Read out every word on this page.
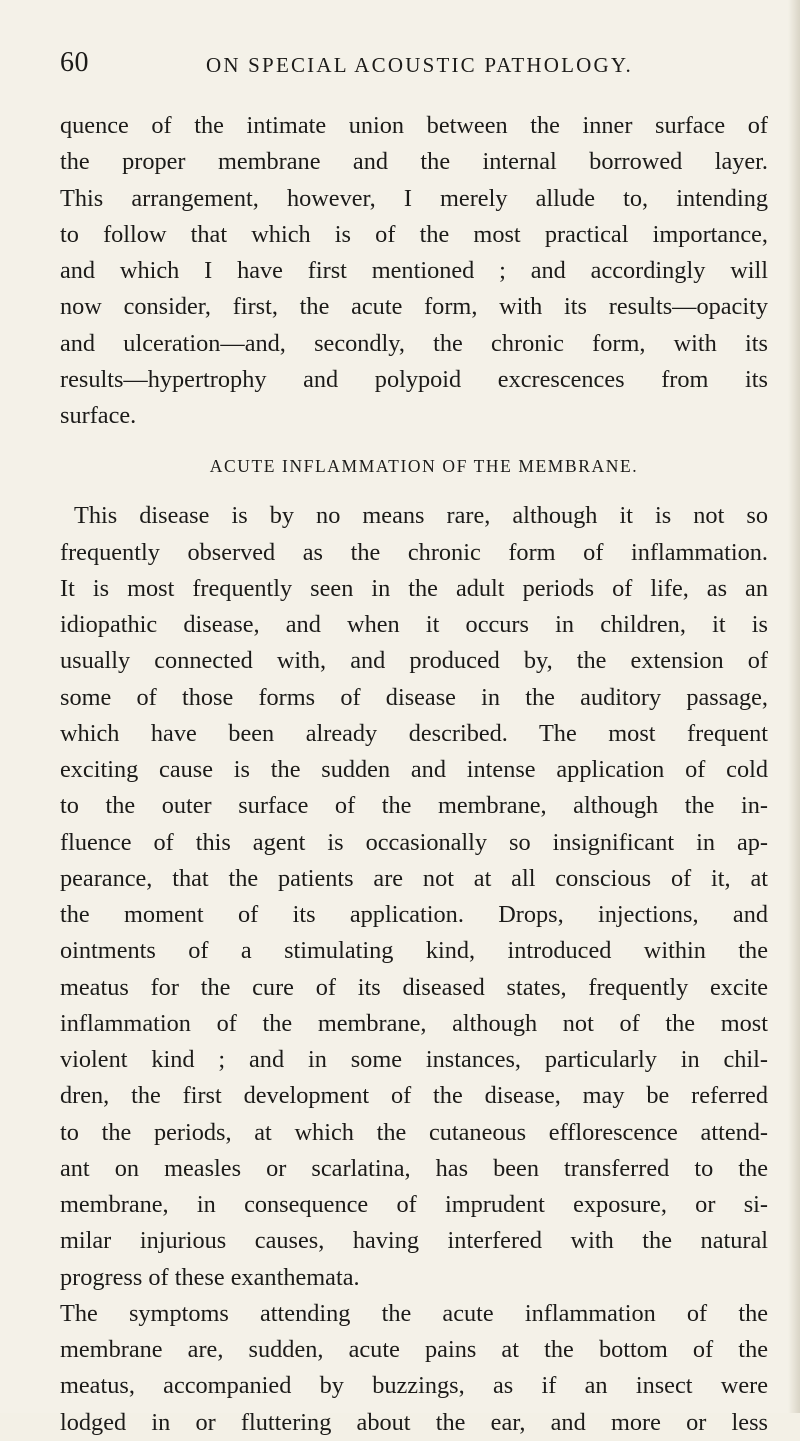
60	ON SPECIAL ACOUSTIC PATHOLOGY.
quence of the intimate union between the inner surface of
the proper membrane and the internal borrowed layer.
This arrangement, however, I merely allude to, intending
to follow that which is of the most practical importance,
and which I have first mentioned ; and accordingly will
now consider, first, the acute form, with its results—opacity
and ulceration—and, secondly, the chronic form, with its
results—hypertrophy and polypoid excrescences from its
surface.
ACUTE INFLAMMATION OF THE MEMBRANE.
This disease is by no means rare, although it is not so
frequently observed as the chronic form of inflammation.
It is most frequently seen in the adult periods of life, as an
idiopathic disease, and when it occurs in children, it is
usually connected with, and produced by, the extension of
some of those forms of disease in the auditory passage,
which have been already described. The most frequent
exciting cause is the sudden and intense application of cold
to the outer surface of the membrane, although the in-
fluence of this agent is occasionally so insignificant in ap-
pearance, that the patients are not at all conscious of it, at
the moment of its application. Drops, injections, and
ointments of a stimulating kind, introduced within the
meatus for the cure of its diseased states, frequently excite
inflammation of the membrane, although not of the most
violent kind ; and in some instances, particularly in chil-
dren, the first development of the disease, may be referred
to the periods, at which the cutaneous efflorescence attend-
ant on measles or scarlatina, has been transferred to the
membrane, in consequence of imprudent exposure, or si-
milar injurious causes, having interfered with the natural
progress of these exanthemata.
The symptoms attending the acute inflammation of the
membrane are, sudden, acute pains at the bottom of the
meatus, accompanied by buzzings, as if an insect were
lodged in or fluttering about the ear, and more or less
